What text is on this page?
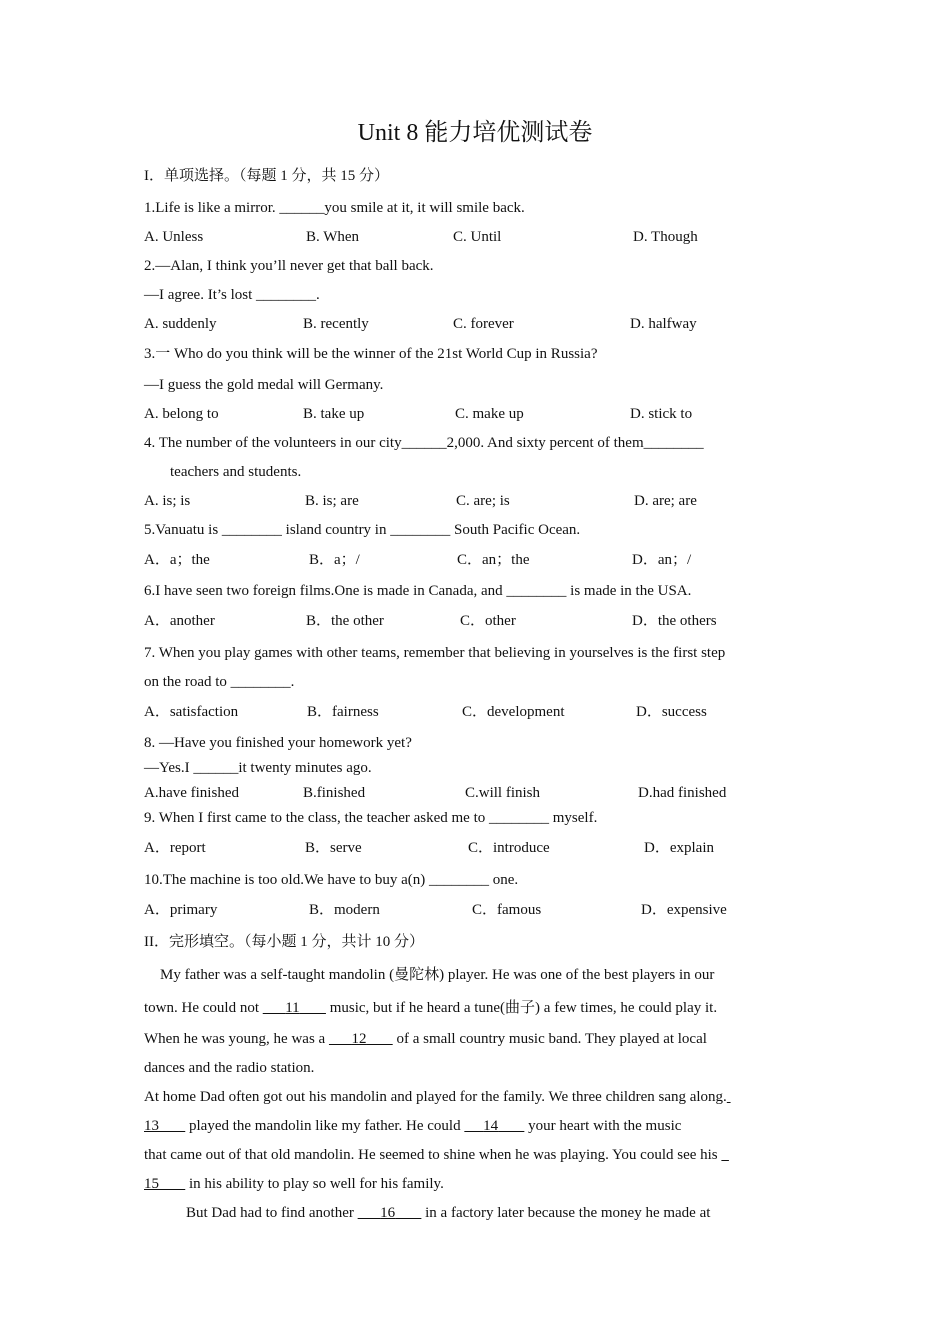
Unit 8 能力培优测试卷
I．单项选择。（每题 1 分，共 15 分）
1.Life is like a mirror. ______you smile at it, it will smile back.
A. Unless	B. When	C. Until	D. Though
2.—Alan, I think you’ll never get that ball back.
—I agree. It’s lost ________.
A. suddenly	B. recently	C. forever	D. halfway
3.一 Who do you think will be the winner of the 21st World Cup in Russia?
—I guess the gold medal will Germany.
A. belong to	B. take up	C. make up	D. stick to
4. The number of the volunteers in our city______2,000. And sixty percent of them________
teachers and students.
A. is; is	B. is; are	C. are; is	D. are; are
5.Vanuatu is ________ island country in ________ South Pacific Ocean.
A．a；the	B．a；/	C．an；the	D．an；/
6.I have seen two foreign films.One is made in Canada, and ________ is made in the USA.
A．another	B．the other	C．other	D．the others
7. When you play games with other teams, remember that believing in yourselves is the first step
on the road to ________.
A．satisfaction	B．fairness	C．development	D．success
8. —Have you finished your homework yet?
—Yes.I ______it twenty minutes ago.
A.have finished	B.finished	C.will finish	D.had finished
9. When I first came to the class, the teacher asked me to ________ myself.
A．report	B．serve	C．introduce	D．explain
10.The machine is too old.We have to buy a(n) ________ one.
A．primary	B．modern	C．famous	D．expensive
II．完形填空。（每小题 1 分，共计 10 分）
My father was a self-taught mandolin (曼陀林) player. He was one of the best players in our
town. He could not 11 music, but if he heard a tune(曲子) a few times, he could play it.
When he was young, he was a 12 of a small country music band. They played at local
dances and the radio station.
At home Dad often got out his mandolin and played for the family. We three children sang along.
13 played the mandolin like my father. He could 14 your heart with the music
that came out of that old mandolin. He seemed to shine when he was playing. You could see his
15 in his ability to play so well for his family.
But Dad had to find another 16 in a factory later because the money he made at
